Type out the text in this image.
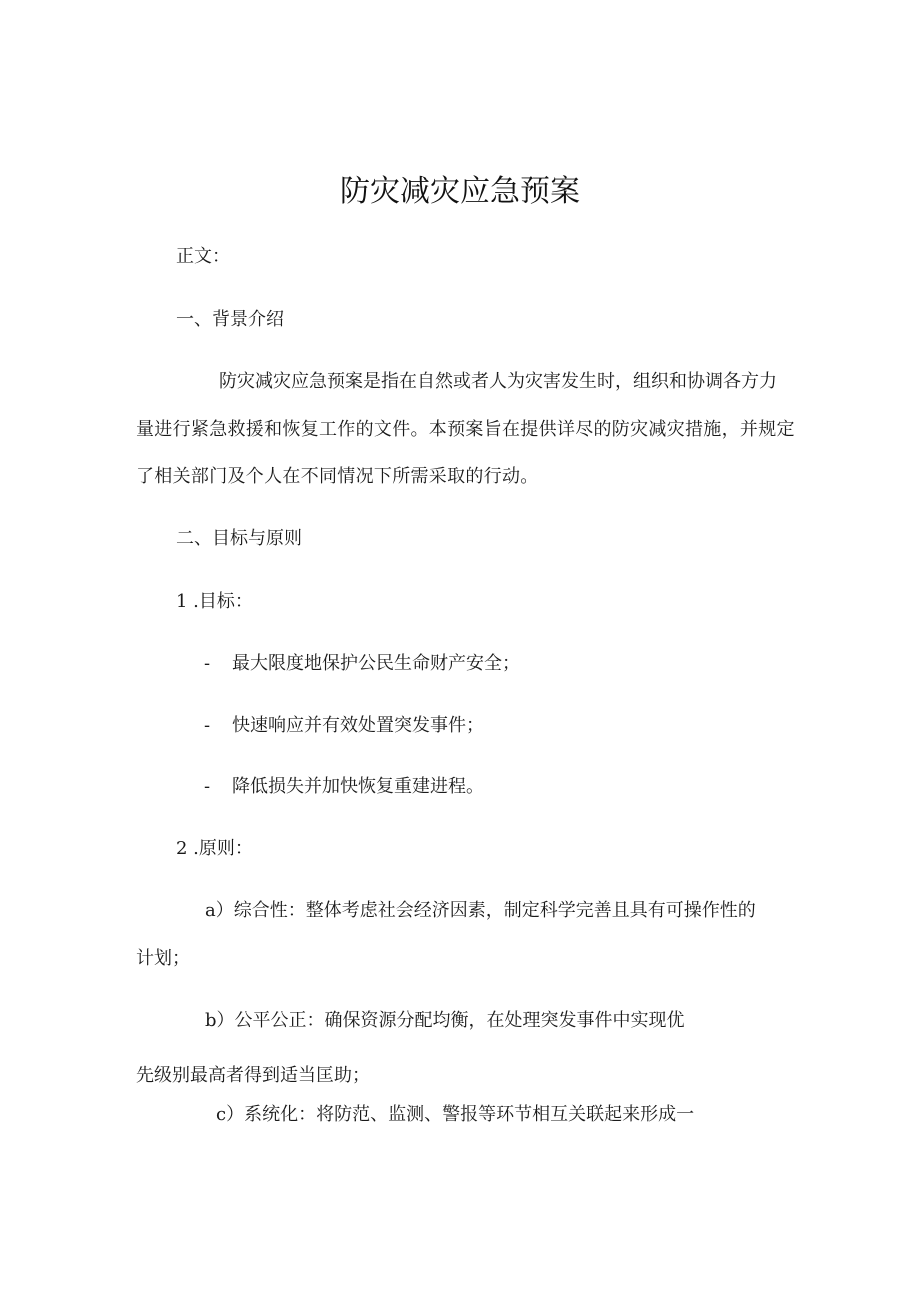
防灾减灾应急预案
正文：
一、背景介绍
防灾减灾应急预案是指在自然或者人为灾害发生时，组织和协调各方力
量进行紧急救援和恢复工作的文件。本预案旨在提供详尽的防灾减灾措施，并规定
了相关部门及个人在不同情况下所需采取的行动。
二、目标与原则
1 .目标：
- 最大限度地保护公民生命财产安全；
- 快速响应并有效处置突发事件；
- 降低损失并加快恢复重建进程。
2 .原则：
a）综合性：整体考虑社会经济因素，制定科学完善且具有可操作性的
计划；
b）公平公正：确保资源分配均衡，在处理突发事件中实现优
先级别最高者得到适当匡助；
c）系统化：将防范、监测、警报等环节相互关联起来形成一
